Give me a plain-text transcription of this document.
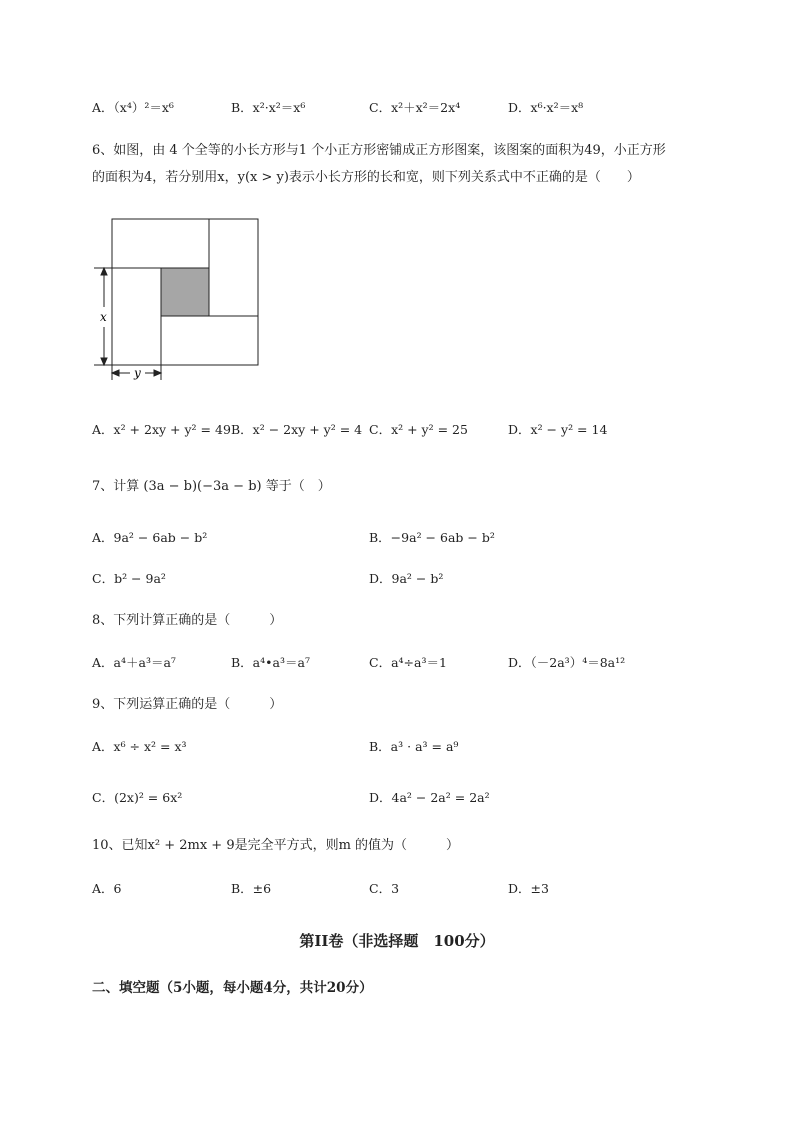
A．（x⁴）²＝x⁶	B．x²·x²＝x⁶	C．x²＋x²＝2x⁴	D．x⁶·x²＝x⁸
6、如图，由 4 个全等的小长方形与1 个小正方形密铺成正方形图案，该图案的面积为49，小正方形
的面积为4，若分别用x，y(x > y)表示小长方形的长和宽，则下列关系式中不正确的是（　　）
x
y
A．x² + 2xy + y² = 49 B．x² − 2xy + y² = 4 C．x² + y² = 25	D．x² − y² = 14
7、计算 (3a − b)(−3a − b) 等于（　）
A．9a² − 6ab − b²	B．−9a² − 6ab − b²
C．b² − 9a²	D．9a² − b²
8、下列计算正确的是（　　　）
A．a⁴＋a³＝a⁷	B．a⁴•a³＝a⁷	C．a⁴÷a³＝1	D．（－2a³）⁴＝8a¹²
9、下列运算正确的是（　　　）
A．x⁶ ÷ x² = x³	B．a³ · a³ = a⁹
C．(2x)² = 6x²	D．4a² − 2a² = 2a²
10、已知x² + 2mx + 9是完全平方式，则m 的值为（　　　）
A．6	B．±6	C．3	D．±3
第II卷（非选择题　100分）
二、填空题（5小题，每小题4分，共计20分）
